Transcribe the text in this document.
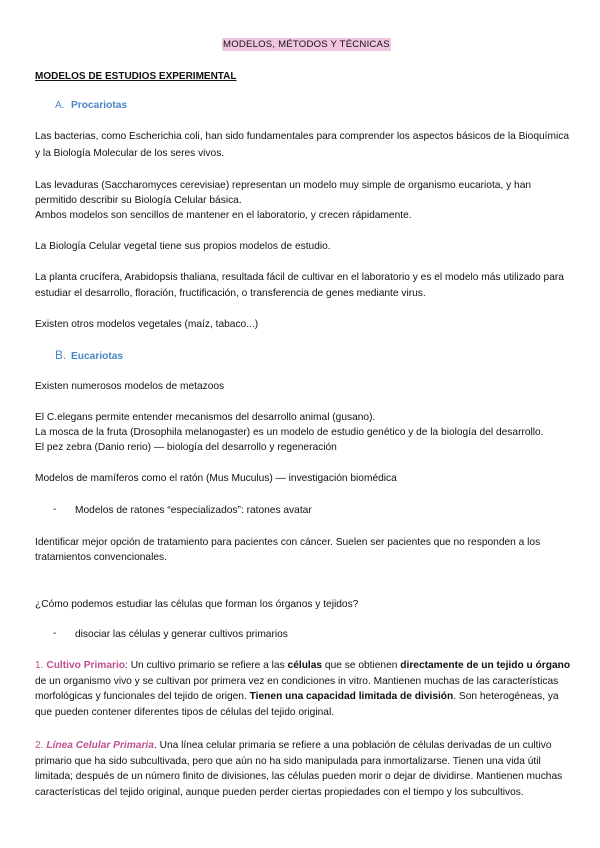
MODELOS, MÉTODOS Y TÉCNICAS
MODELOS DE ESTUDIOS EXPERIMENTAL
A. Procariotas
Las bacterias, como Escherichia coli, han sido fundamentales para comprender los aspectos básicos de la Bioquímica
y la Biología Molecular de los seres vivos.
Las levaduras (Saccharomyces cerevisiae) representan un modelo muy simple de organismo eucariota, y han
permitido describir su Biología Celular básica.
Ambos modelos son sencillos de mantener en el laboratorio, y crecen rápidamente.
La Biología Celular vegetal tiene sus propios modelos de estudio.
La planta crucífera, Arabidopsis thaliana, resultada fácil de cultivar en el laboratorio y es el modelo más utilizado para
estudiar el desarrollo, floración, fructificación, o transferencia de genes mediante virus.
Existen otros modelos vegetales (maíz, tabaco...)
B. Eucariotas
Existen numerosos modelos de metazoos
El C.elegans permite entender mecanismos del desarrollo animal (gusano).
La mosca de la fruta (Drosophila melanogaster) es un modelo de estudio genético y de la biología del desarrollo.
El pez zebra (Danio rerio) — biología del desarrollo y regeneración
Modelos de mamíferos como el ratón (Mus Muculus) — investigación biomédica
- Modelos de ratones “especializados”: ratones avatar
Identificar mejor opción de tratamiento para pacientes con cáncer. Suelen ser pacientes que no responden a los
tratamientos convencionales.
¿Cómo podemos estudiar las células que forman los órganos y tejidos?
- disociar las células y generar cultivos primarios
1. Cultivo Primario: Un cultivo primario se refiere a las células que se obtienen directamente de un tejido u órgano
de un organismo vivo y se cultivan por primera vez en condiciones in vitro. Mantienen muchas de las características
morfológicas y funcionales del tejido de origen. Tienen una capacidad limitada de división. Son heterogéneas, ya
que pueden contener diferentes tipos de células del tejido original.
2. Línea Celular Primaria. Una línea celular primaria se refiere a una población de células derivadas de un cultivo
primario que ha sido subcultivada, pero que aún no ha sido manipulada para inmortalizarse. Tienen una vida útil
limitada; después de un número finito de divisiones, las células pueden morir o dejar de dividirse. Mantienen muchas
características del tejido original, aunque pueden perder ciertas propiedades con el tiempo y los subcultivos.
